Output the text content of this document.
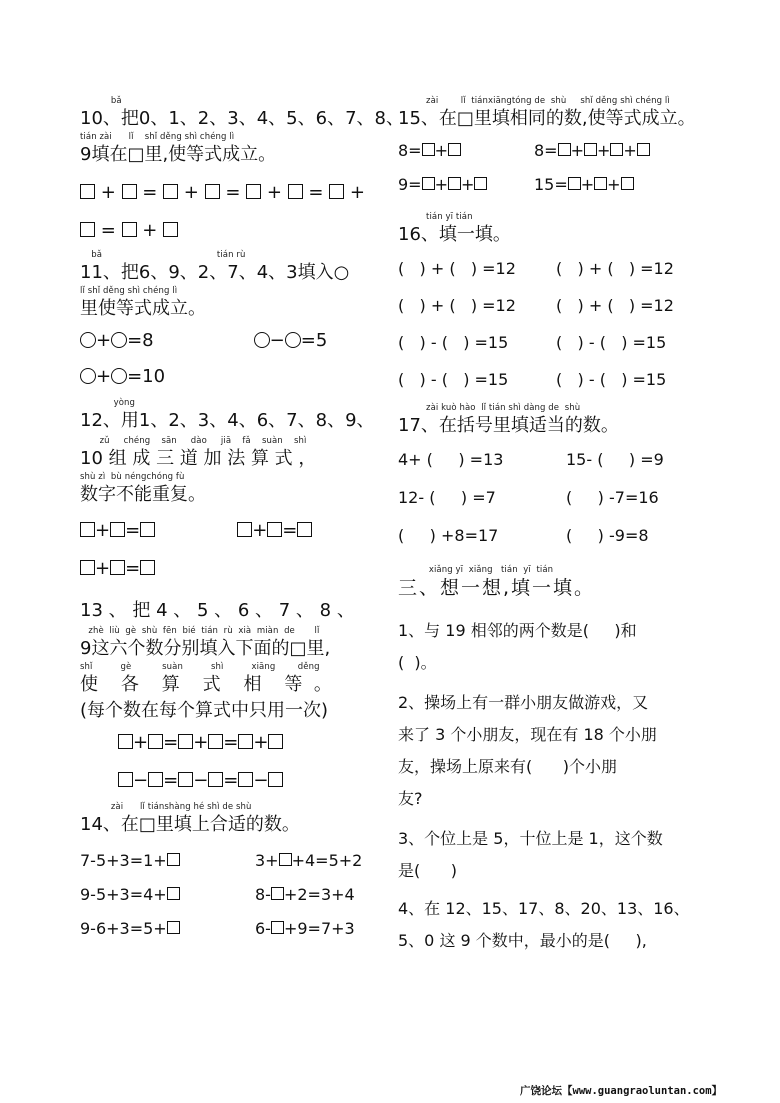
bǎ
10、把0、1、2、3、4、5、6、7、8、
tián zài      lǐ    shǐ děng shì chéng lì
9填在□里,使等式成立。
+  =  +  =  +  =  +
=  +
bǎ                                         tián rù
11、把6、9、2、7、4、3填入○
lǐ shǐ děng shì chéng lì
里使等式成立。
+ =8	− =5
+ =10
yòng
12、用1、2、3、4、6、7、8、9、
zǔ     chéng    sān     dào     jiā    fǎ    suàn    shì
10 组 成 三 道 加 法 算 式 ，
shù zì  bù néngchóng fù
数字不能重复。
+ =	+ =
+ =
13 、 把 4 、 5 、 6 、 7 、 8 、
zhè  liù  gè  shù  fēn  bié  tián  rù  xià  miàn  de       lǐ
9这六个数分别填入下面的□里,
shǐ          gè           suàn          shì          xiāng        děng
使    各    算    式    相    等  。
(每个数在每个算式中只用一次)
+ = + = +
− = − = −
zài      lǐ tiánshàng hé shì de shù
14、在□里填上合适的数。
7-5+3=1+	3+ +4=5+2
9-5+3=4+	8- +2=3+4
9-6+3=5+	6- +9=7+3
zài        lǐ  tiánxiāngtóng de  shù     shǐ děng shì chéng lì
15、在□里填相同的数,使等式成立。
8= +	8= + + +
9= + +	15= + +
tián yī tián
16、填一填。
(   ) + (   ) =12	(   ) + (   ) =12
(   ) + (   ) =12	(   ) + (   ) =12
(   ) - (   ) =15	(   ) - (   ) =15
(   ) - (   ) =15	(   ) - (   ) =15
zài kuò hào  lǐ tián shì dàng de  shù
17、在括号里填适当的数。
4+ (     ) =13	15- (     ) =9
12- (     ) =7	(     ) -7=16
(     ) +8=17	(     ) -9=8
xiǎng yī  xiǎng   tián  yī  tián
三、想一想,填一填。
1、与 19 相邻的两个数是(     )和
(  )。
2、操场上有一群小朋友做游戏，又
来了 3 个小朋友，现在有 18 个小朋
友，操场上原来有(      )个小朋
友?
3、个位上是 5，十位上是 1，这个数
是(      )
4、在 12、15、17、8、20、13、16、
5、0 这 9 个数中，最小的是(     ),
广饶论坛【www.guangraoluntan.com】
